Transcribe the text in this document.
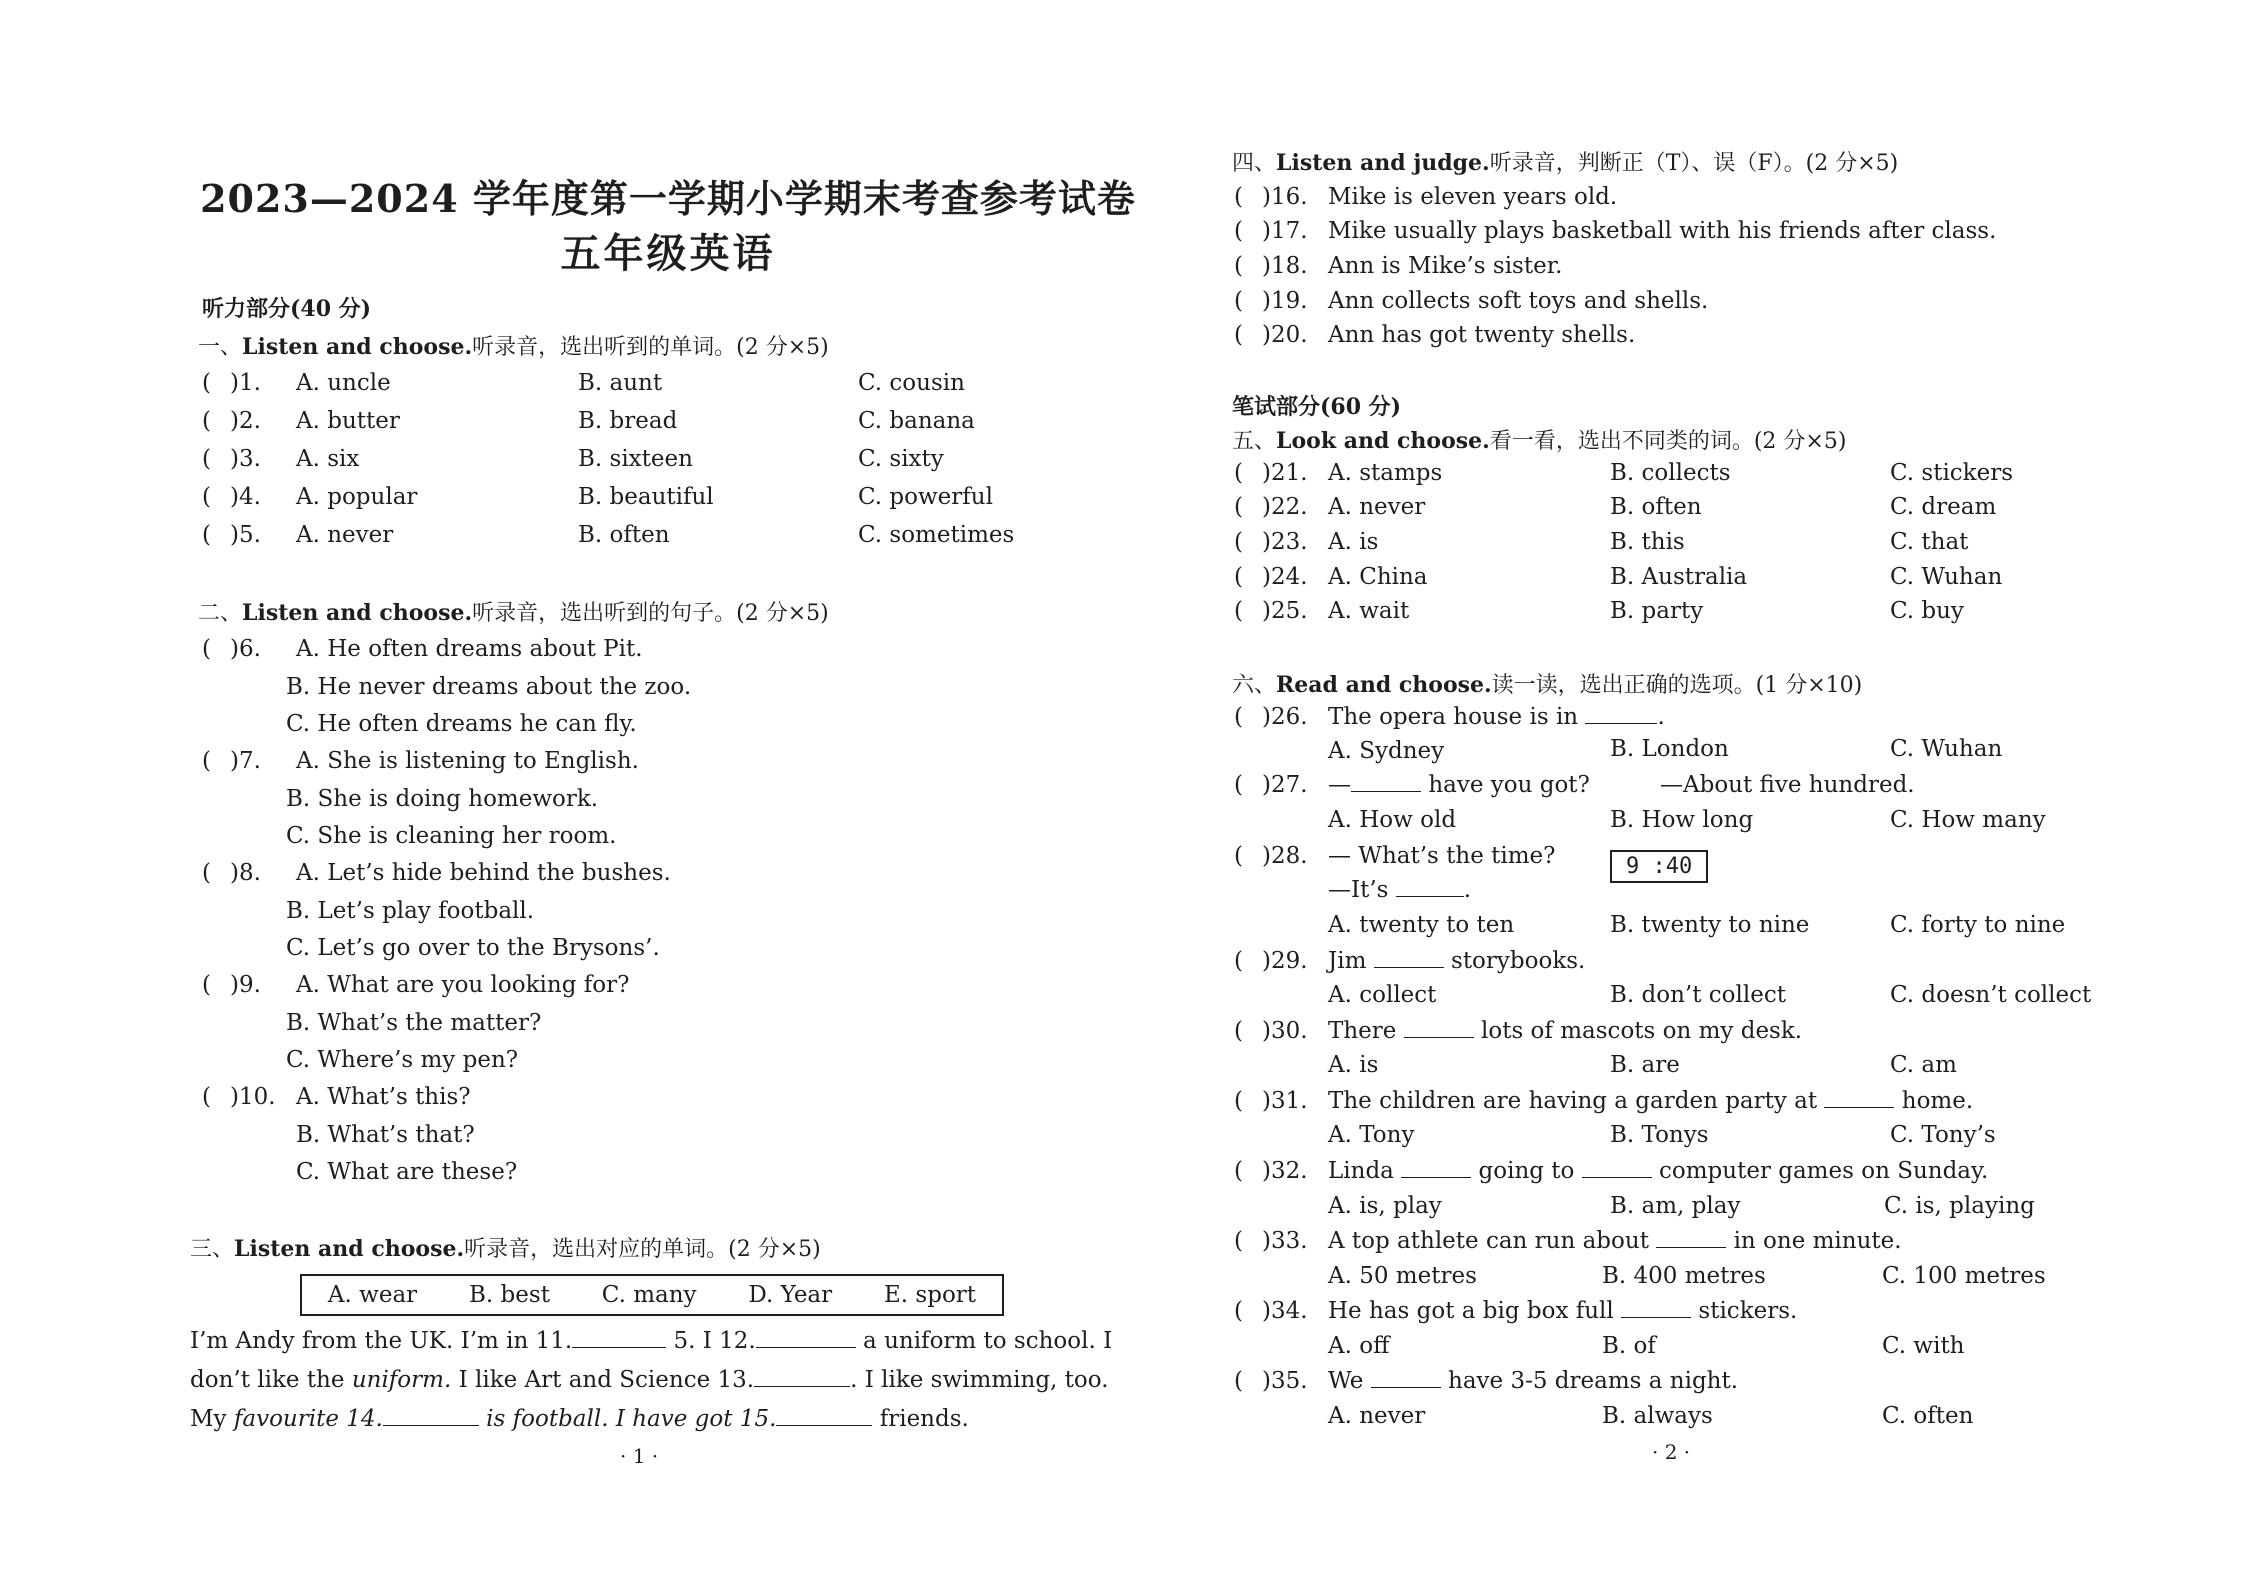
2023—2024 学年度第一学期小学期末考查参考试卷
五年级英语
听力部分(40 分)
一、Listen and choose.听录音，选出听到的单词。(2 分×5)
( )1. A. uncle	B. aunt	C. cousin
( )2. A. butter	B. bread	C. banana
( )3. A. six	B. sixteen	C. sixty
( )4. A. popular	B. beautiful	C. powerful
( )5. A. never	B. often	C. sometimes
二、Listen and choose.听录音，选出听到的句子。(2 分×5)
( )6. A. He often dreams about Pit.
B. He never dreams about the zoo.
C. He often dreams he can fly.
( )7. A. She is listening to English.
B. She is doing homework.
C. She is cleaning her room.
( )8. A. Let’s hide behind the bushes.
B. Let’s play football.
C. Let’s go over to the Brysons’.
( )9. A. What are you looking for?
B. What’s the matter?
C. Where’s my pen?
( )10. A. What’s this?
B. What’s that?
C. What are these?
三、Listen and choose.听录音，选出对应的单词。(2 分×5)
A. wear B. best C. many D. Year E. sport
I’m Andy from the UK. I’m in 11.	5. I 12.	a uniform to school. I don’t like the uniform. I like Art and Science 13.	. I like swimming, too. My favourite 14.	is football. I have got 15.	friends.
· 1 ·
四、Listen and judge.听录音，判断正（T）、误（F）。(2 分×5)
( )16. Mike is eleven years old.
( )17. Mike usually plays basketball with his friends after class.
( )18. Ann is Mike’s sister.
( )19. Ann collects soft toys and shells.
( )20. Ann has got twenty shells.
笔试部分(60 分)
五、Look and choose.看一看，选出不同类的词。(2 分×5)
( )21. A. stamps	B. collects	C. stickers
( )22. A. never	B. often	C. dream
( )23. A. is	B. this	C. that
( )24. A. China	B. Australia	C. Wuhan
( )25. A. wait	B. party	C. buy
六、Read and choose.读一读，选出正确的选项。(1 分×10)
( )26. The opera house is in	.
A. Sydney	B. London	C. Wuhan
( )27. —	have you got?	—About five hundred.
A. How old	B. How long	C. How many
( )28. — What’s the time?	9 :40
—It’s	.
A. twenty to ten	B. twenty to nine	C. forty to nine
( )29. Jim	storybooks.
A. collect	B. don’t collect	C. doesn’t collect
( )30. There	lots of mascots on my desk.
A. is	B. are	C. am
( )31. The children are having a garden party at	home.
A. Tony	B. Tonys	C. Tony’s
( )32. Linda	going to	computer games on Sunday.
A. is, play	B. am, play	C. is, playing
( )33. A top athlete can run about	in one minute.
A. 50 metres	B. 400 metres	C. 100 metres
( )34. He has got a big box full	stickers.
A. off	B. of	C. with
( )35. We	have 3-5 dreams a night.
A. never	B. always	C. often
· 2 ·
